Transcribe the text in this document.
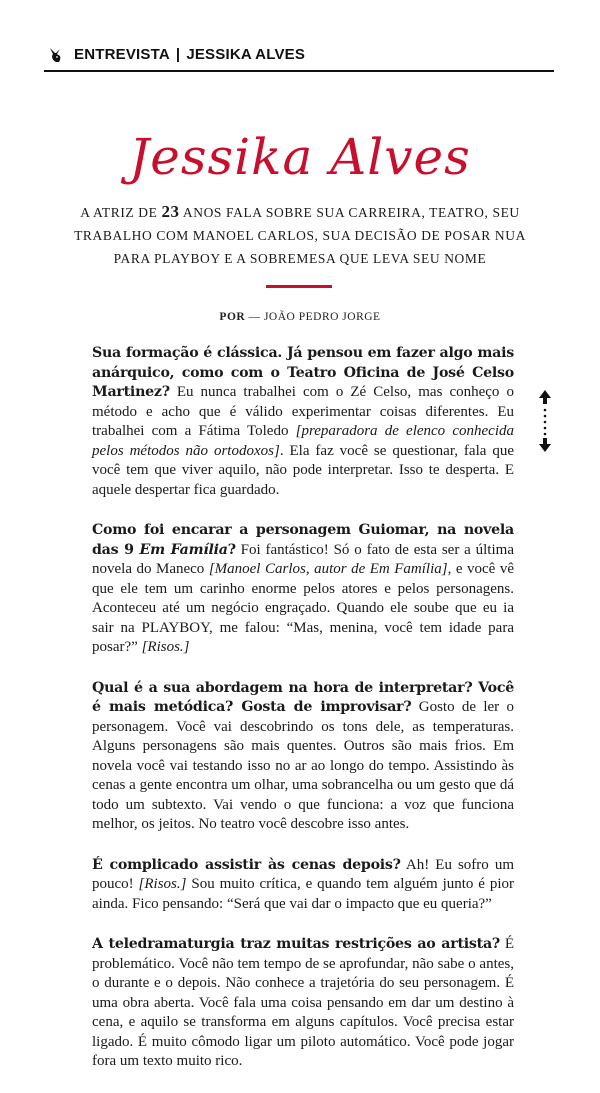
ENTREVISTA | JESSIKA ALVES
Jessika Alves
A ATRIZ DE 23 ANOS FALA SOBRE SUA CARREIRA, TEATRO, SEU TRABALHO COM MANOEL CARLOS, SUA DECISÃO DE POSAR NUA PARA PLAYBOY E A SOBREMESA QUE LEVA SEU NOME
POR — JOÃO PEDRO JORGE

Sua formação é clássica. Já pensou em fazer algo mais anárquico, como com o Teatro Oficina de José Celso Martinez? Eu nunca trabalhei com o Zé Celso, mas conheço o método e acho que é válido experimentar coisas diferentes. Eu trabalhei com a Fátima Toledo [preparadora de elenco conhecida pelos métodos não ortodoxos]. Ela faz você se questionar, fala que você tem que viver aquilo, não pode interpretar. Isso te desperta. E aquele despertar fica guardado.

Como foi encarar a personagem Guiomar, na novela das 9 Em Família? Foi fantástico! Só o fato de esta ser a última novela do Maneco [Manoel Carlos, autor de Em Família], e você vê que ele tem um carinho enorme pelos atores e pelos personagens. Aconteceu até um negócio engraçado. Quando ele soube que eu ia sair na PLAYBOY, me falou: “Mas, menina, você tem idade para posar?” [Risos.]

Qual é a sua abordagem na hora de interpretar? Você é mais metódica? Gosta de improvisar? Gosto de ler o personagem. Você vai descobrindo os tons dele, as temperaturas. Alguns personagens são mais quentes. Outros são mais frios. Em novela você vai testando isso no ar ao longo do tempo. Assistindo às cenas a gente encontra um olhar, uma sobrancelha ou um gesto que dá todo um subtexto. Vai vendo o que funciona: a voz que funciona melhor, os jeitos. No teatro você descobre isso antes.

É complicado assistir às cenas depois? Ah! Eu sofro um pouco! [Risos.] Sou muito crítica, e quando tem alguém junto é pior ainda. Fico pensando: “Será que vai dar o impacto que eu queria?”

A teledramaturgia traz muitas restrições ao artista? É problemático. Você não tem tempo de se aprofundar, não sabe o antes, o durante e o depois. Não conhece a trajetória do seu personagem. É uma obra aberta. Você fala uma coisa pensando em dar um destino à cena, e aquilo se transforma em alguns capítulos. Você precisa estar ligado. É muito cômodo ligar um piloto automático. Você pode jogar fora um texto muito rico.
